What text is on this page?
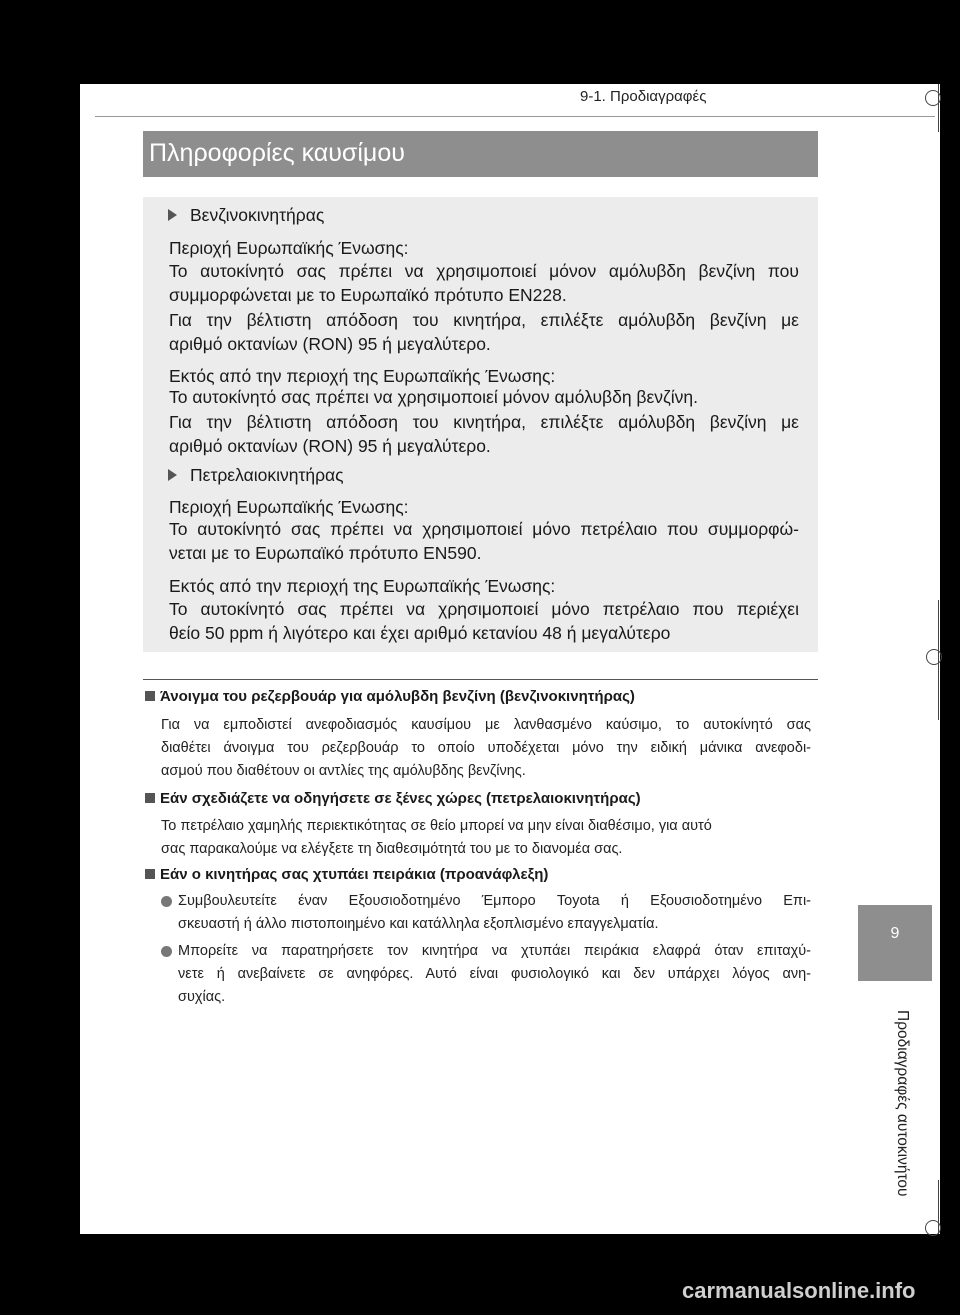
9-1. Προδιαγραφές
Πληροφορίες καυσίμου
Βενζινοκινητήρας
Περιοχή Ευρωπαϊκής Ένωσης:
Το αυτοκίνητό σας πρέπει να χρησιμοποιεί μόνον αμόλυβδη βενζίνη που
συμμορφώνεται με το Ευρωπαϊκό πρότυπο EN228.
Για την βέλτιστη απόδοση του κινητήρα, επιλέξτε αμόλυβδη βενζίνη με
αριθμό οκτανίων (RON) 95 ή μεγαλύτερο.
Εκτός από την περιοχή της Ευρωπαϊκής Ένωσης:
Το αυτοκίνητό σας πρέπει να χρησιμοποιεί μόνον αμόλυβδη βενζίνη.
Για την βέλτιστη απόδοση του κινητήρα, επιλέξτε αμόλυβδη βενζίνη με
αριθμό οκτανίων (RON) 95 ή μεγαλύτερο.
Πετρελαιοκινητήρας
Περιοχή Ευρωπαϊκής Ένωσης:
Το αυτοκίνητό σας πρέπει να χρησιμοποιεί μόνο πετρέλαιο που συμμορφώ-
νεται με το Ευρωπαϊκό πρότυπο EN590.
Εκτός από την περιοχή της Ευρωπαϊκής Ένωσης:
Το αυτοκίνητό σας πρέπει να χρησιμοποιεί μόνο πετρέλαιο που περιέχει
θείο 50 ppm ή λιγότερο και έχει αριθμό κετανίου 48 ή μεγαλύτερο
Άνοιγμα του ρεζερβουάρ για αμόλυβδη βενζίνη (βενζινοκινητήρας)
Για να εμποδιστεί ανεφοδιασμός καυσίμου με λανθασμένο καύσιμο, το αυτοκίνητό σας
διαθέτει άνοιγμα του ρεζερβουάρ το οποίο υποδέχεται μόνο την ειδική μάνικα ανεφοδι-
ασμού που διαθέτουν οι αντλίες της αμόλυβδης βενζίνης.
Εάν σχεδιάζετε να οδηγήσετε σε ξένες χώρες (πετρελαιοκινητήρας)
Το πετρέλαιο χαμηλής περιεκτικότητας σε θείο μπορεί να μην είναι διαθέσιμο, για αυτό
σας παρακαλούμε να ελέγξετε τη διαθεσιμότητά του με το διανομέα σας.
Εάν ο κινητήρας σας χτυπάει πειράκια (προανάφλεξη)
Συμβουλευτείτε έναν Εξουσιοδοτημένο Έμπορο Toyota ή Εξουσιοδοτημένο Επι-
σκευαστή ή άλλο πιστοποιημένο και κατάλληλα εξοπλισμένο επαγγελματία.
Μπορείτε να παρατηρήσετε τον κινητήρα να χτυπάει πειράκια ελαφρά όταν επιταχύ-
νετε ή ανεβαίνετε σε ανηφόρες. Αυτό είναι φυσιολογικό και δεν υπάρχει λόγος ανη-
συχίας.
9
Προδιαγραφές αυτοκινήτου
carmanualsonline.info
